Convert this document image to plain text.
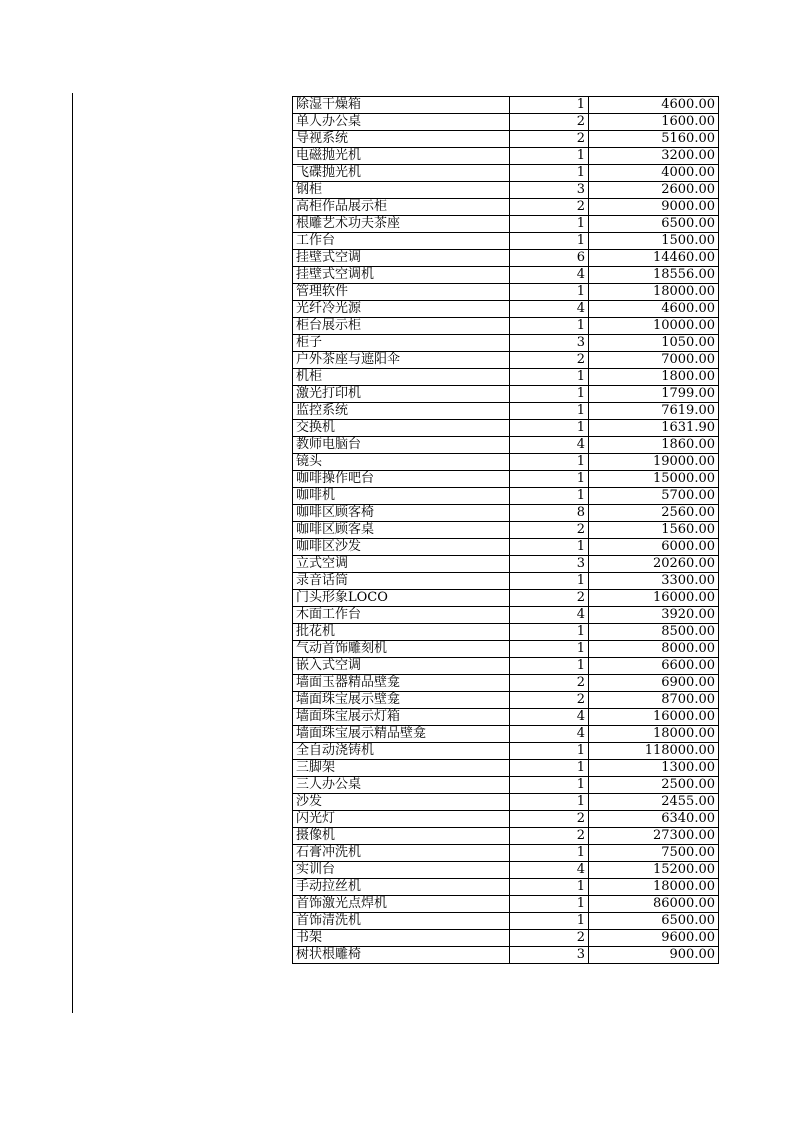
除湿干燥箱	1	4600.00
单人办公桌	2	1600.00
导视系统	2	5160.00
电磁抛光机	1	3200.00
飞碟抛光机	1	4000.00
钢柜	3	2600.00
高柜作品展示柜	2	9000.00
根雕艺术功夫茶座	1	6500.00
工作台	1	1500.00
挂壁式空调	6	14460.00
挂壁式空调机	4	18556.00
管理软件	1	18000.00
光纤冷光源	4	4600.00
柜台展示柜	1	10000.00
柜子	3	1050.00
户外茶座与遮阳伞	2	7000.00
机柜	1	1800.00
激光打印机	1	1799.00
监控系统	1	7619.00
交换机	1	1631.90
教师电脑台	4	1860.00
镜头	1	19000.00
咖啡操作吧台	1	15000.00
咖啡机	1	5700.00
咖啡区顾客椅	8	2560.00
咖啡区顾客桌	2	1560.00
咖啡区沙发	1	6000.00
立式空调	3	20260.00
录音话筒	1	3300.00
门头形象LOCO	2	16000.00
木面工作台	4	3920.00
批花机	1	8500.00
气动首饰雕刻机	1	8000.00
嵌入式空调	1	6600.00
墙面玉器精品壁龛	2	6900.00
墙面珠宝展示壁龛	2	8700.00
墙面珠宝展示灯箱	4	16000.00
墙面珠宝展示精品壁龛	4	18000.00
全自动浇铸机	1	118000.00
三脚架	1	1300.00
三人办公桌	1	2500.00
沙发	1	2455.00
闪光灯	2	6340.00
摄像机	2	27300.00
石膏冲洗机	1	7500.00
实训台	4	15200.00
手动拉丝机	1	18000.00
首饰激光点焊机	1	86000.00
首饰清洗机	1	6500.00
书架	2	9600.00
树状根雕椅	3	900.00
